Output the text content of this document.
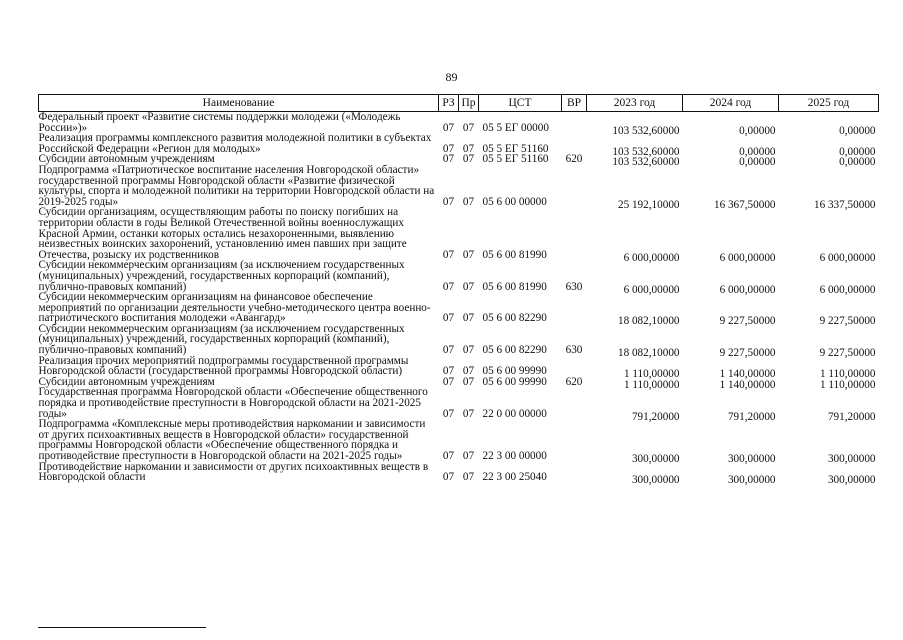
89
Наименование	РЗ	Пр	ЦСТ	ВР	2023 год	2024 год	2025 год
Федеральный проект «Развитие системы поддержки молодежи («Молодежь России»)»	07	07	05 5 ЕГ 00000		103 532,60000	0,00000	0,00000
Реализация программы комплексного развития молодежной политики в субъектах Российской Федерации «Регион для молодых»	07	07	05 5 ЕГ 51160		103 532,60000	0,00000	0,00000
Субсидии автономным учреждениям	07	07	05 5 ЕГ 51160	620	103 532,60000	0,00000	0,00000
Подпрограмма «Патриотическое воспитание населения Новгородской области» государственной программы Новгородской области «Развитие физической культуры, спорта и молодежной политики на территории Новгородской области на 2019-2025 годы»	07	07	05 6 00 00000		25 192,10000	16 367,50000	16 337,50000
Субсидии организациям, осуществляющим работы по поиску погибших на территории области в годы Великой Отечественной войны военнослужащих Красной Армии, останки которых остались незахороненными, выявлению неизвестных воинских захоронений, установлению имен павших при защите Отечества, розыску их родственников	07	07	05 6 00 81990		6 000,00000	6 000,00000	6 000,00000
Субсидии некоммерческим организациям (за исключением государственных (муниципальных) учреждений, государственных корпораций (компаний), публично-правовых компаний)	07	07	05 6 00 81990	630	6 000,00000	6 000,00000	6 000,00000
Субсидии некоммерческим организациям на финансовое обеспечение мероприятий по организации деятельности учебно-методического центра военно-патриотического воспитания молодежи «Авангард»	07	07	05 6 00 82290		18 082,10000	9 227,50000	9 227,50000
Субсидии некоммерческим организациям (за исключением государственных (муниципальных) учреждений, государственных корпораций (компаний), публично-правовых компаний)	07	07	05 6 00 82290	630	18 082,10000	9 227,50000	9 227,50000
Реализация прочих мероприятий подпрограммы государственной программы Новгородской области (государственной программы Новгородской области)	07	07	05 6 00 99990		1 110,00000	1 140,00000	1 110,00000
Субсидии автономным учреждениям	07	07	05 6 00 99990	620	1 110,00000	1 140,00000	1 110,00000
Государственная программа Новгородской области «Обеспечение общественного порядка и противодействие преступности в Новгородской области на 2021-2025 годы»	07	07	22 0 00 00000		791,20000	791,20000	791,20000
Подпрограмма «Комплексные меры противодействия наркомании и зависимости от других психоактивных веществ в Новгородской области» государственной программы Новгородской области «Обеспечение общественного порядка и противодействие преступности в Новгородской области на 2021-2025 годы»	07	07	22 3 00 00000		300,00000	300,00000	300,00000
Противодействие наркомании и зависимости от других психоактивных веществ в Новгородской области	07	07	22 3 00 25040		300,00000	300,00000	300,00000
